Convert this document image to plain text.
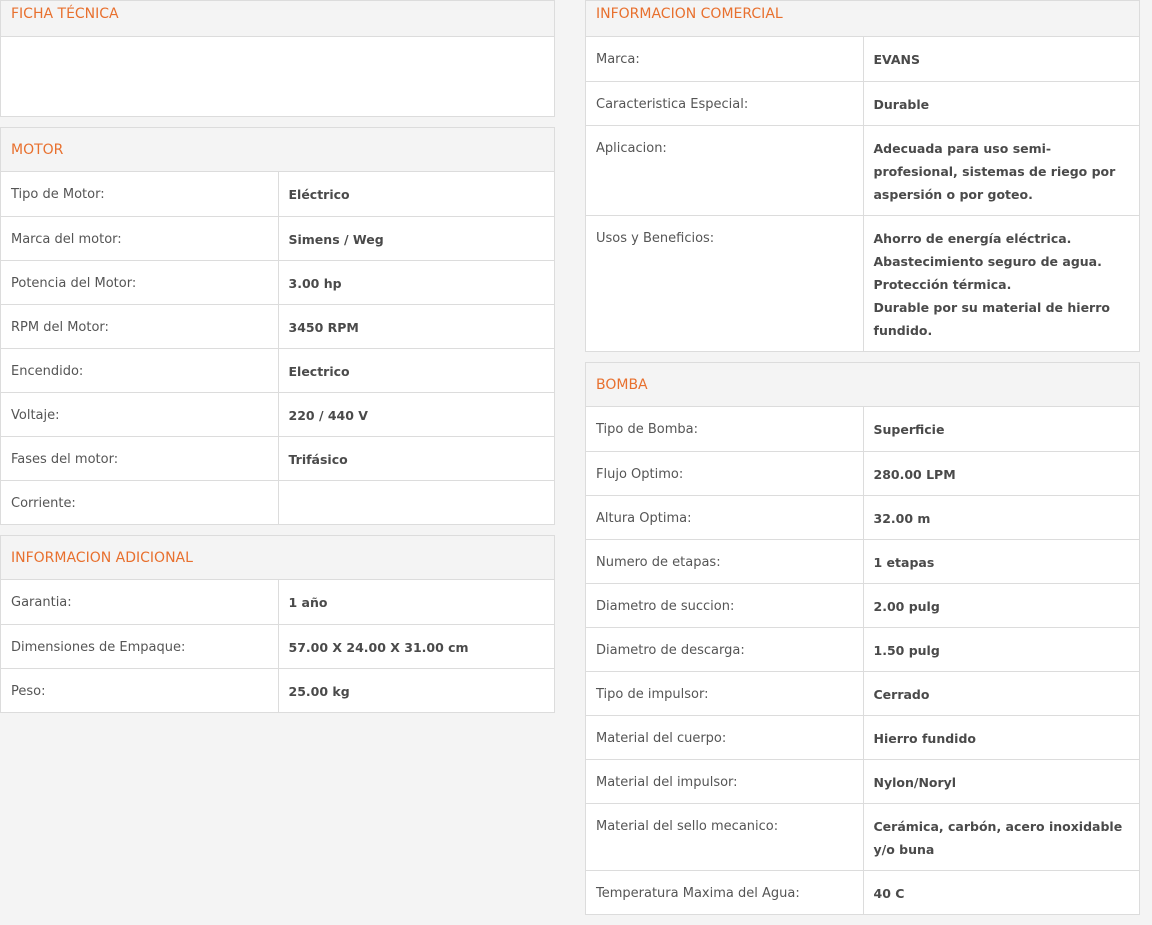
FICHA TÉCNICA
MOTOR
Tipo de Motor:	Eléctrico
Marca del motor:	Simens / Weg
Potencia del Motor:	3.00 hp
RPM del Motor:	3450 RPM
Encendido:	Electrico
Voltaje:	220 / 440 V
Fases del motor:	Trifásico
Corriente:	
INFORMACION ADICIONAL
Garantia:	1 año
Dimensiones de Empaque:	57.00 X 24.00 X 31.00 cm
Peso:	25.00 kg
INFORMACION COMERCIAL
Marca:	EVANS
Caracteristica Especial:	Durable
Aplicacion:	Adecuada para uso semi-profesional, sistemas de riego por aspersión o por goteo.
Usos y Beneficios:	Ahorro de energía eléctrica.
Abastecimiento seguro de agua.
Protección térmica.
Durable por su material de hierro fundido.
BOMBA
Tipo de Bomba:	Superficie
Flujo Optimo:	280.00 LPM
Altura Optima:	32.00 m
Numero de etapas:	1 etapas
Diametro de succion:	2.00 pulg
Diametro de descarga:	1.50 pulg
Tipo de impulsor:	Cerrado
Material del cuerpo:	Hierro fundido
Material del impulsor:	Nylon/Noryl
Material del sello mecanico:	Cerámica, carbón, acero inoxidable y/o buna
Temperatura Maxima del Agua:	40 C
